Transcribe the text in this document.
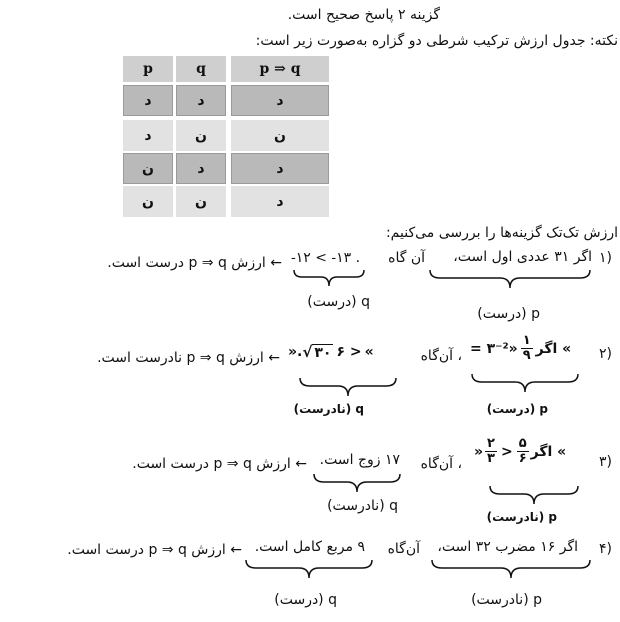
گزینه ۲ پاسخ صحیح است.
نکته: جدول ارزش ترکیب شرطی دو گزاره به‌صورت زیر است:
p	q	p ⇒ q
د	د	د
د	ن	ن
ن	د	د
ن	ن	د
ارزش تک‌تک گزینه‌ها را بررسی می‌کنیم:
۱)
اگر ۳۱ عددی اول است،
آن گاه
‎-۱۲ < -۱۳ .
← ارزش p ⇒ q درست است.
q (درست)
p (درست)
۲)
= ۳⁻²» $\frac{۱}{۹}$ اگر «
، آن‌گاه
». √ ۳۰ ۶ > «
← ارزش p ⇒ q نادرست است.
q (نادرست)	p (درست)
۳)
» $\frac{۲}{۳} > \frac{۵}{۶}$ اگر «
، آن‌گاه
۱۷ زوج است.
← ارزش p ⇒ q درست است.
q (نادرست)
p (نادرست)
۴)
اگر ۱۶ مضرب ۳۲ است،
آن‌گاه
۹ مربع کامل است.
← ارزش p ⇒ q درست است.
q (درست)	p (نادرست)
